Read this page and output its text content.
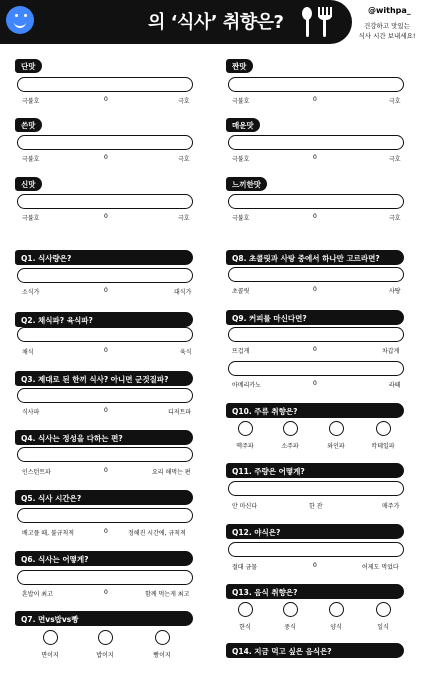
의 ‘식사’ 취향은?
@withpa_
건강하고 맛있는
식사 시간 보내세요!
단맛
극불호	0	극호
쓴맛
극불호	0	극호
신맛
극불호	0	극호
짠맛
극불호	0	극호
매운맛
극불호	0	극호
느끼한맛
극불호	0	극호
Q1. 식사량은?
소식가	0	대식가
Q2. 채식파? 육식파?
채식	0	육식
Q3. 제대로 된 한끼 식사? 아니면 군것질파?
식사파	0	디저트파
Q4. 식사는 정성을 다하는 편?
인스턴트파	0	요리 해먹는 편
Q5. 식사 시간은?
배고플 때, 불규칙적	0	정해진 시간에, 규칙적
Q6. 식사는 어떻게?
혼밥이 최고	0	함께 먹는게 최고
Q7. 면vs밥vs빵
면이지	밥이지	빵이지
Q8. 초콜릿과 사탕 중에서 하나만 고르라면?
초콜릿	0	사탕
Q9. 커피를 마신다면?
뜨겁게	0	차갑게
아메리카노	0	라떼
Q10. 주류 취향은?
맥주파	소주파	와인파	칵테일파
Q11. 주량은 어떻게?
안 마신다	한 잔	매주가
Q12. 야식은?
절대 금물	0	어제도 먹었다
Q13. 음식 취향은?
한식	중식	양식	일식
Q14. 지금 먹고 싶은 음식은?
